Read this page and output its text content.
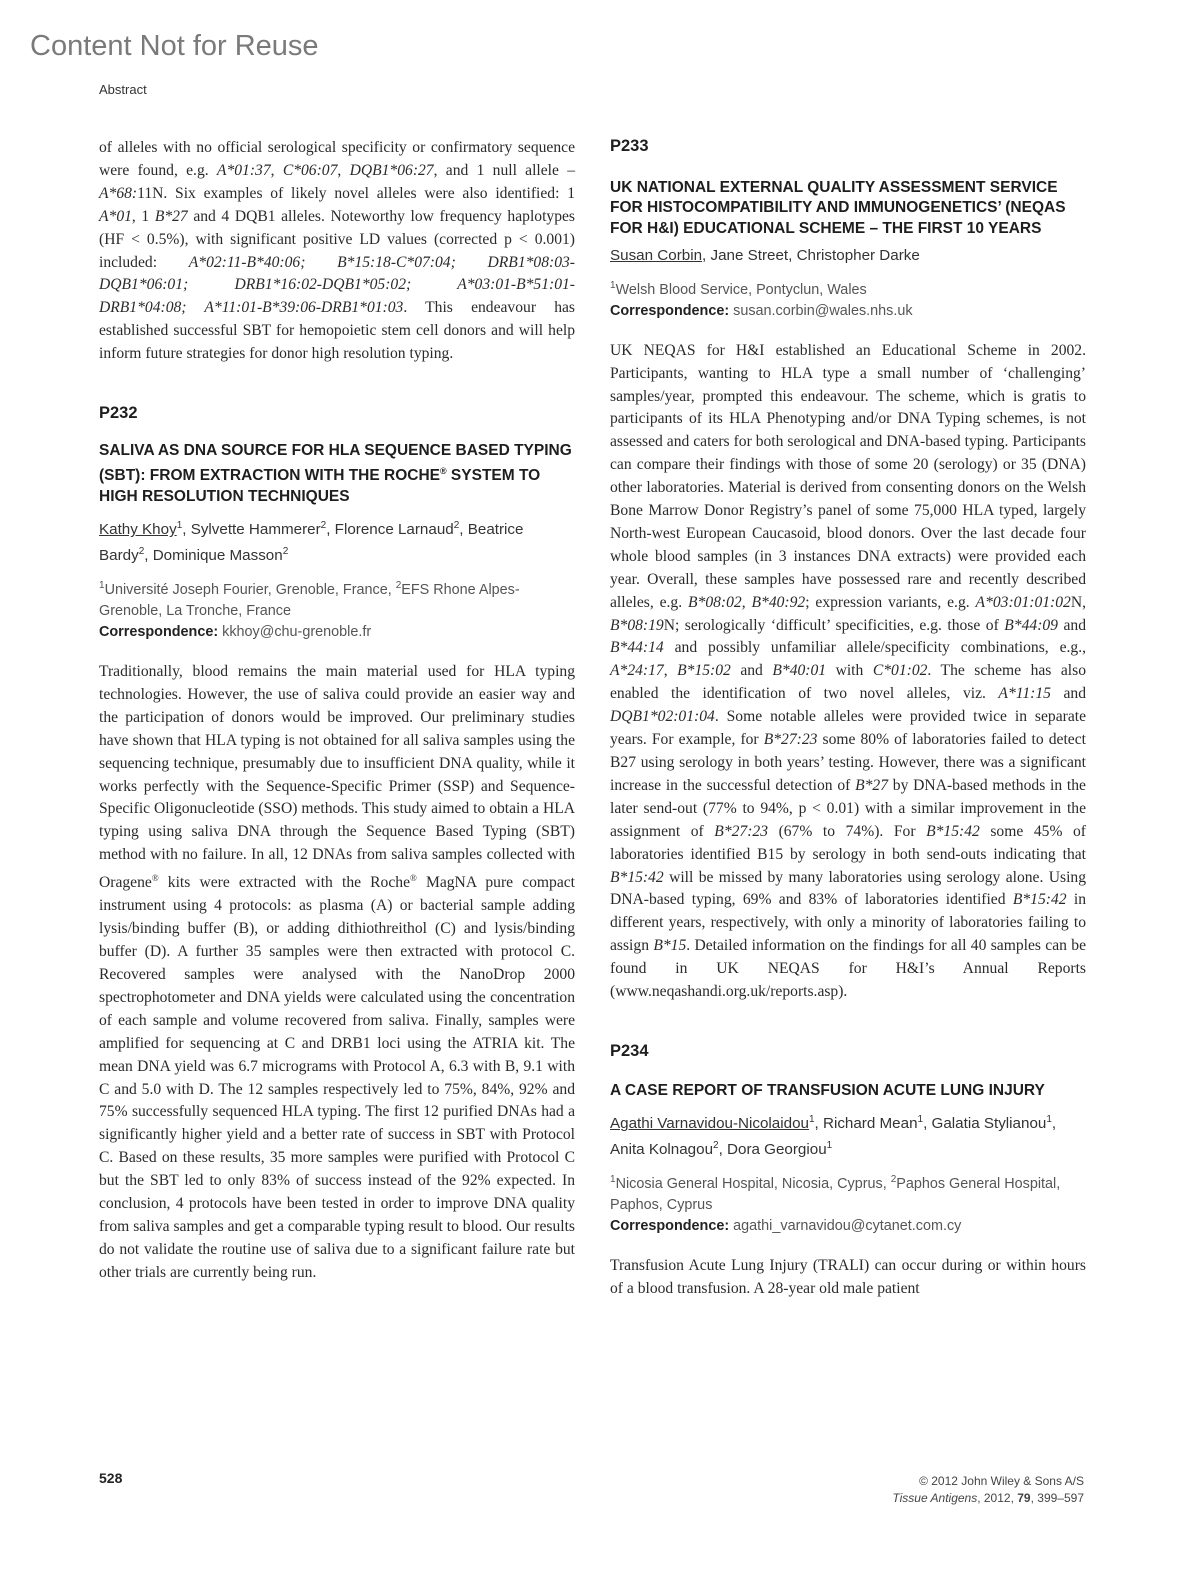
Content Not for Reuse
Abstract

of alleles with no official serological specificity or confirmatory sequence were found, e.g. A*01:37, C*06:07, DQB1*06:27, and 1 null allele – A*68:11N. Six examples of likely novel alleles were also identified: 1 A*01, 1 B*27 and 4 DQB1 alleles. Noteworthy low frequency haplotypes (HF < 0.5%), with significant positive LD values (corrected p < 0.001) included: A*02:11-B*40:06; B*15:18-C*07:04; DRB1*08:03-DQB1*06:01; DRB1*16:02-DQB1*05:02; A*03:01-B*51:01-DRB1*04:08; A*11:01-B*39:06-DRB1*01:03. This endeavour has established successful SBT for hemopoietic stem cell donors and will help inform future strategies for donor high resolution typing.

P232

SALIVA AS DNA SOURCE FOR HLA SEQUENCE BASED TYPING (SBT): FROM EXTRACTION WITH THE ROCHE® SYSTEM TO HIGH RESOLUTION TECHNIQUES

Kathy Khoy$^1$, Sylvette Hammerer$^2$, Florence Larnaud$^2$, Beatrice Bardy$^2$, Dominique Masson$^2$

$^1$Université Joseph Fourier, Grenoble, France, $^2$EFS Rhone Alpes-Grenoble, La Tronche, France

Correspondence: kkhoy@chu-grenoble.fr

Traditionally, blood remains the main material used for HLA typing technologies. However, the use of saliva could provide an easier way and the participation of donors would be improved. Our preliminary studies have shown that HLA typing is not obtained for all saliva samples using the sequencing technique, presumably due to insufficient DNA quality, while it works perfectly with the Sequence-Specific Primer (SSP) and Sequence-Specific Oligonucleotide (SSO) methods. This study aimed to obtain a HLA typing using saliva DNA through the Sequence Based Typing (SBT) method with no failure. In all, 12 DNAs from saliva samples collected with Oragene® kits were extracted with the Roche® MagNA pure compact instrument using 4 protocols: as plasma (A) or bacterial sample adding lysis/binding buffer (B), or adding dithiothreithol (C) and lysis/binding buffer (D). A further 35 samples were then extracted with protocol C. Recovered samples were analysed with the NanoDrop 2000 spectrophotometer and DNA yields were calculated using the concentration of each sample and volume recovered from saliva. Finally, samples were amplified for sequencing at C and DRB1 loci using the ATRIA kit. The mean DNA yield was 6.7 micrograms with Protocol A, 6.3 with B, 9.1 with C and 5.0 with D. The 12 samples respectively led to 75%, 84%, 92% and 75% successfully sequenced HLA typing. The first 12 purified DNAs had a significantly higher yield and a better rate of success in SBT with Protocol C. Based on these results, 35 more samples were purified with Protocol C but the SBT led to only 83% of success instead of the 92% expected. In conclusion, 4 protocols have been tested in order to improve DNA quality from saliva samples and get a comparable typing result to blood. Our results do not validate the routine use of saliva due to a significant failure rate but other trials are currently being run.

P233

UK NATIONAL EXTERNAL QUALITY ASSESSMENT SERVICE FOR HISTOCOMPATIBILITY AND IMMUNOGENETICS’ (NEQAS FOR H&I) EDUCATIONAL SCHEME – THE FIRST 10 YEARS

Susan Corbin, Jane Street, Christopher Darke

$^1$Welsh Blood Service, Pontyclun, Wales

Correspondence: susan.corbin@wales.nhs.uk

UK NEQAS for H&I established an Educational Scheme in 2002. Participants, wanting to HLA type a small number of ‘challenging’ samples/year, prompted this endeavour. The scheme, which is gratis to participants of its HLA Phenotyping and/or DNA Typing schemes, is not assessed and caters for both serological and DNA-based typing. Participants can compare their findings with those of some 20 (serology) or 35 (DNA) other laboratories. Material is derived from consenting donors on the Welsh Bone Marrow Donor Registry’s panel of some 75,000 HLA typed, largely North-west European Caucasoid, blood donors. Over the last decade four whole blood samples (in 3 instances DNA extracts) were provided each year. Overall, these samples have possessed rare and recently described alleles, e.g. B*08:02, B*40:92; expression variants, e.g. A*03:01:01:02N, B*08:19N; serologically ‘difficult’ specificities, e.g. those of B*44:09 and B*44:14 and possibly unfamiliar allele/specificity combinations, e.g., A*24:17, B*15:02 and B*40:01 with C*01:02. The scheme has also enabled the identification of two novel alleles, viz. A*11:15 and DQB1*02:01:04. Some notable alleles were provided twice in separate years. For example, for B*27:23 some 80% of laboratories failed to detect B27 using serology in both years’ testing. However, there was a significant increase in the successful detection of B*27 by DNA-based methods in the later send-out (77% to 94%, p < 0.01) with a similar improvement in the assignment of B*27:23 (67% to 74%). For B*15:42 some 45% of laboratories identified B15 by serology in both send-outs indicating that B*15:42 will be missed by many laboratories using serology alone. Using DNA-based typing, 69% and 83% of laboratories identified B*15:42 in different years, respectively, with only a minority of laboratories failing to assign B*15. Detailed information on the findings for all 40 samples can be found in UK NEQAS for H&I’s Annual Reports (www.neqashandi.org.uk/reports.asp).

P234

A CASE REPORT OF TRANSFUSION ACUTE LUNG INJURY

Agathi Varnavidou-Nicolaidou$^1$, Richard Mean$^1$, Galatia Stylianou$^1$, Anita Kolnagou$^2$, Dora Georgiou$^1$

$^1$Nicosia General Hospital, Nicosia, Cyprus, $^2$Paphos General Hospital, Paphos, Cyprus

Correspondence: agathi_varnavidou@cytanet.com.cy

Transfusion Acute Lung Injury (TRALI) can occur during or within hours of a blood transfusion. A 28-year old male patient

528	© 2012 John Wiley & Sons A/S
Tissue Antigens, 2012, 79, 399–597
